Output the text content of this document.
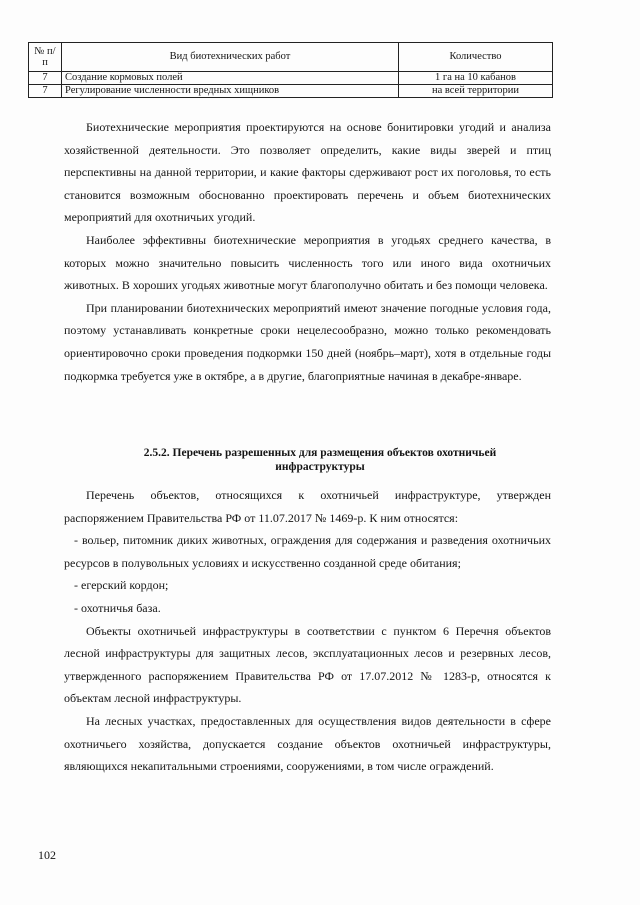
№ п/п	Вид биотехнических работ	Количество
7	Создание кормовых полей	1 га на 10 кабанов
7	Регулирование численности вредных хищников	на всей территории

Биотехнические мероприятия проектируются на основе бонитировки угодий и анализа хозяйственной деятельности. Это позволяет определить, какие виды зверей и птиц перспективны на данной территории, и какие факторы сдерживают рост их поголовья, то есть становится возможным обоснованно проектировать перечень и объем биотехнических мероприятий для охотничьих угодий.

Наиболее эффективны биотехнические мероприятия в угодьях среднего качества, в которых можно значительно повысить численность того или иного вида охотничьих животных. В хороших угодьях животные могут благополучно обитать и без помощи человека.

При планировании биотехнических мероприятий имеют значение погодные условия года, поэтому устанавливать конкретные сроки нецелесообразно, можно только рекомендовать ориентировочно сроки проведения подкормки 150 дней (ноябрь–март), хотя в отдельные годы подкормка требуется уже в октябре, а в другие, благоприятные начиная в декабре-январе.

2.5.2. Перечень разрешенных для размещения объектов охотничьей инфраструктуры

Перечень объектов, относящихся к охотничьей инфраструктуре, утвержден распоряжением Правительства РФ от 11.07.2017 № 1469-р. К ним относятся:

- вольер, питомник диких животных, ограждения для содержания и разведения охотничьих ресурсов в полувольных условиях и искусственно созданной среде обитания;

- егерский кордон;

- охотничья база.

Объекты охотничьей инфраструктуры в соответствии с пунктом 6 Перечня объектов лесной инфраструктуры для защитных лесов, эксплуатационных лесов и резервных лесов, утвержденного распоряжением Правительства РФ от 17.07.2012 № 1283-р, относятся к объектам лесной инфраструктуры.

На лесных участках, предоставленных для осуществления видов деятельности в сфере охотничьего хозяйства, допускается создание объектов охотничьей инфраструктуры, являющихся некапитальными строениями, сооружениями, в том числе ограждений.

102
